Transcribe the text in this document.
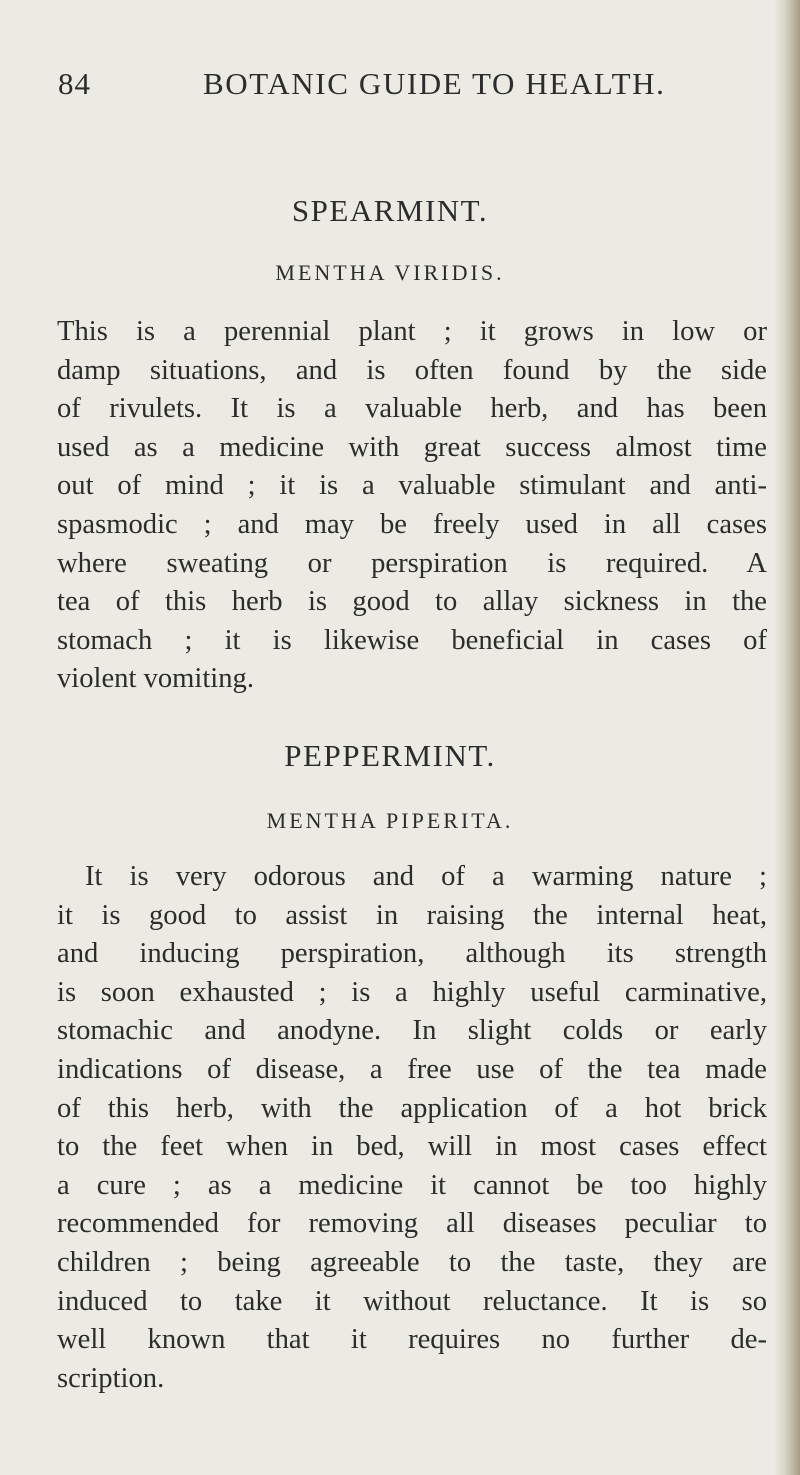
84	BOTANIC GUIDE TO HEALTH.
SPEARMINT.
MENTHA VIRIDIS.
This is a perennial plant ; it grows in low or
damp situations, and is often found by the side
of rivulets. It is a valuable herb, and has been
used as a medicine with great success almost time
out of mind ; it is a valuable stimulant and anti-
spasmodic ; and may be freely used in all cases
where sweating or perspiration is required. A
tea of this herb is good to allay sickness in the
stomach ; it is likewise beneficial in cases of
violent vomiting.
PEPPERMINT.
MENTHA PIPERITA.
It is very odorous and of a warming nature ;
it is good to assist in raising the internal heat,
and inducing perspiration, although its strength
is soon exhausted ; is a highly useful carminative,
stomachic and anodyne. In slight colds or early
indications of disease, a free use of the tea made
of this herb, with the application of a hot brick
to the feet when in bed, will in most cases effect
a cure ; as a medicine it cannot be too highly
recommended for removing all diseases peculiar to
children ; being agreeable to the taste, they are
induced to take it without reluctance. It is so
well known that it requires no further de-
scription.
